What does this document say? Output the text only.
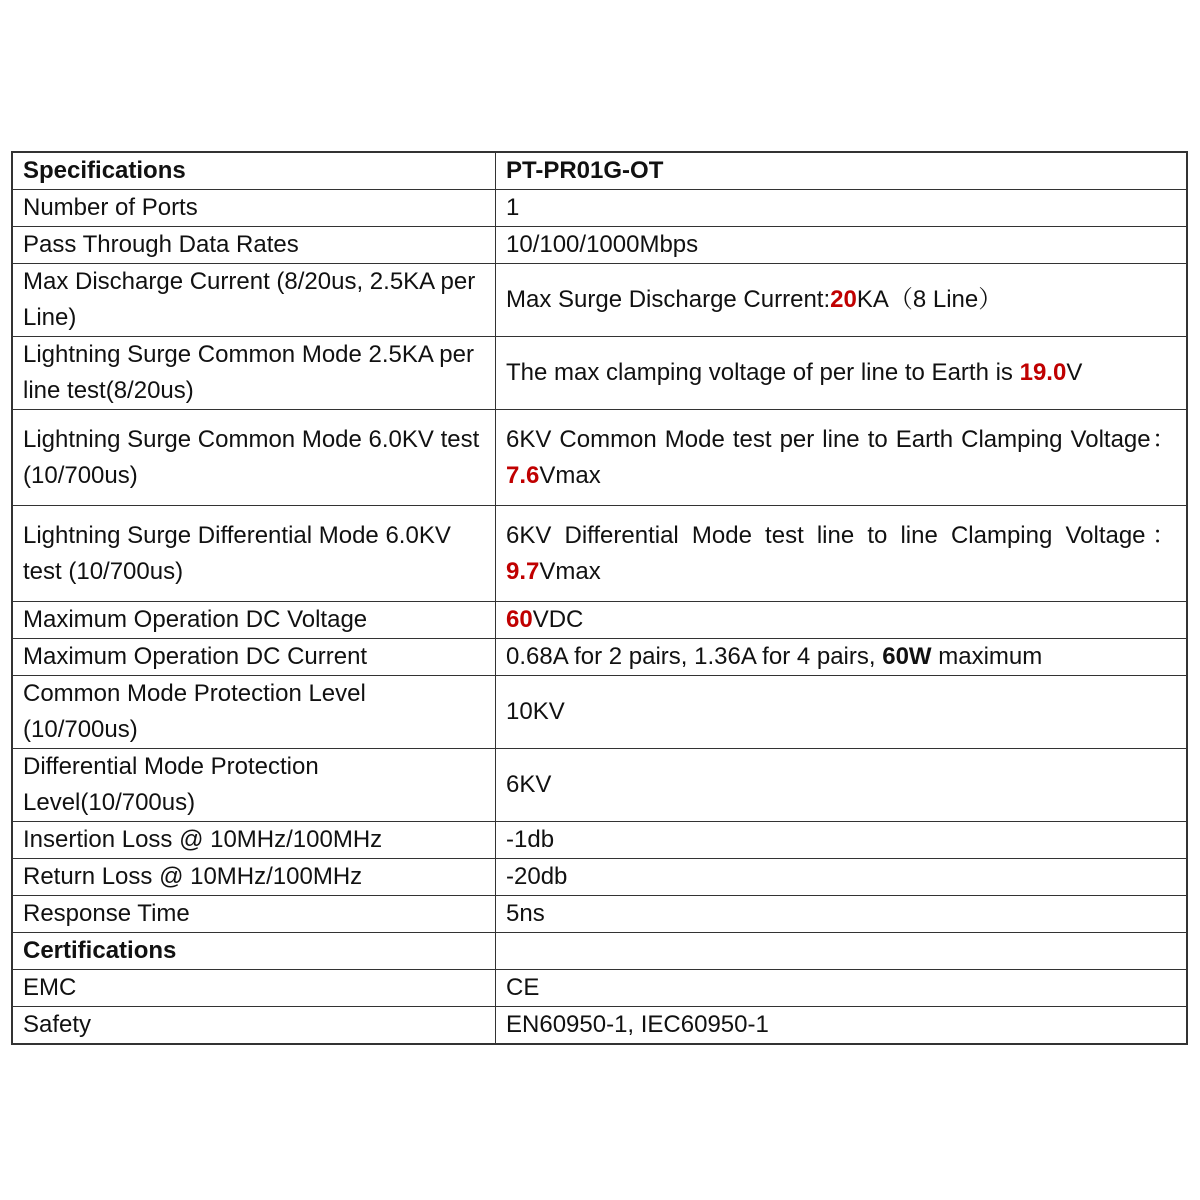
Specifications	PT-PR01G-OT
Number of Ports	1
Pass Through Data Rates	10/100/1000Mbps
Max Discharge Current (8/20us, 2.5KA per Line)	Max Surge Discharge Current:20KA（8 Line）
Lightning Surge Common Mode 2.5KA per line test(8/20us)	The max clamping voltage of per line to Earth is 19.0V
Lightning Surge Common Mode 6.0KV test (10/700us)	6KV Common Mode test per line to Earth Clamping Voltage：7.6Vmax
Lightning Surge Differential Mode 6.0KV test (10/700us)	6KV Differential Mode test line to line Clamping Voltage：9.7Vmax
Maximum Operation DC Voltage	60VDC
Maximum Operation DC Current	0.68A for 2 pairs, 1.36A for 4 pairs, 60W maximum
Common Mode Protection Level (10/700us)	10KV
Differential Mode Protection Level(10/700us)	6KV
Insertion Loss @ 10MHz/100MHz	-1db
Return Loss @ 10MHz/100MHz	-20db
Response Time	5ns
Certifications	
EMC	CE
Safety	EN60950-1, IEC60950-1
